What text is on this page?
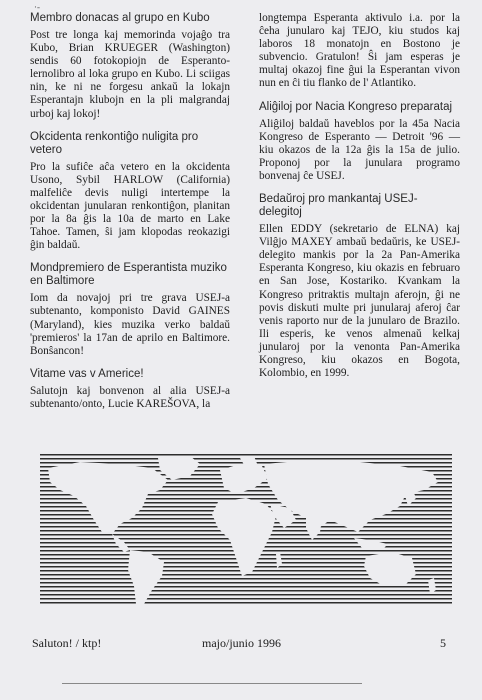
·-
Membro donacas al grupo en Kubo

Post tre longa kaj memorinda vojaĝo tra Kubo, Brian KRUEGER (Washington) sendis 60 fotokopiojn de Esperanto-lernolibro al loka grupo en Kubo. Li sciigas nin, ke ni ne forgesu ankaŭ la lokajn Esperantajn klubojn en la pli malgrandaj urboj kaj lokoj!

Okcidenta renkontiĝo nuligita pro vetero

Pro la sufiĉe aĉa vetero en la okcidenta Usono, Sybil HARLOW (California) malfeliĉe devis nuligi intertempe la okcidentan junularan renkontiĝon, planitan por la 8a ĝis la 10a de marto en Lake Tahoe. Tamen, ŝi jam klopodas reokazigi ĝin baldaŭ.

Mondpremiero de Esperantista muziko en Baltimore

Iom da novajoj pri tre grava USEJ-a subtenanto, komponisto David GAINES (Maryland), kies muzika verko baldaŭ 'premieros' la 17an de aprilo en Baltimore. Bonŝancon!

Vitame vas v Americe!

Salutojn kaj bonvenon al alia USEJ-a subtenanto/onto, Lucie KAREŠOVA, la

longtempa Esperanta aktivulo i.a. por la ĉeha junularo kaj TEJO, kiu studos kaj laboros 18 monatojn en Bostono je subvencio. Gratulon! Ŝi jam esperas je multaj okazoj fine ĝui la Esperantan vivon nun en ĉi tiu flanko de l' Atlantiko.

Aliĝiloj por Nacia Kongreso preparataj

Aliĝiloj baldaŭ haveblos por la 45a Nacia Kongreso de Esperanto — Detroit '96 — kiu okazos de la 12a ĝis la 15a de julio. Proponoj por la junulara programo bonvenaj ĉe USEJ.

Bedaŭroj pro mankantaj USEJ-delegitoj

Ellen EDDY (sekretario de ELNA) kaj Vilĝjo MAXEY ambaŭ bedaŭris, ke USEJ-delegito mankis por la 2a Pan-Amerika Esperanta Kongreso, kiu okazis en februaro en San Jose, Kostariko. Kvankam la Kongreso pritraktis multajn aferojn, ĝi ne povis diskuti multe pri junularaj aferoj ĉar venis raporto nur de la junularo de Brazilo. Ili esperis, ke venos almenaŭ kelkaj junularoj por la venonta Pan-Amerika Kongreso, kiu okazos en Bogota, Kolombio, en 1999.

Saluton! / ktp!	majo/junio 1996	5
